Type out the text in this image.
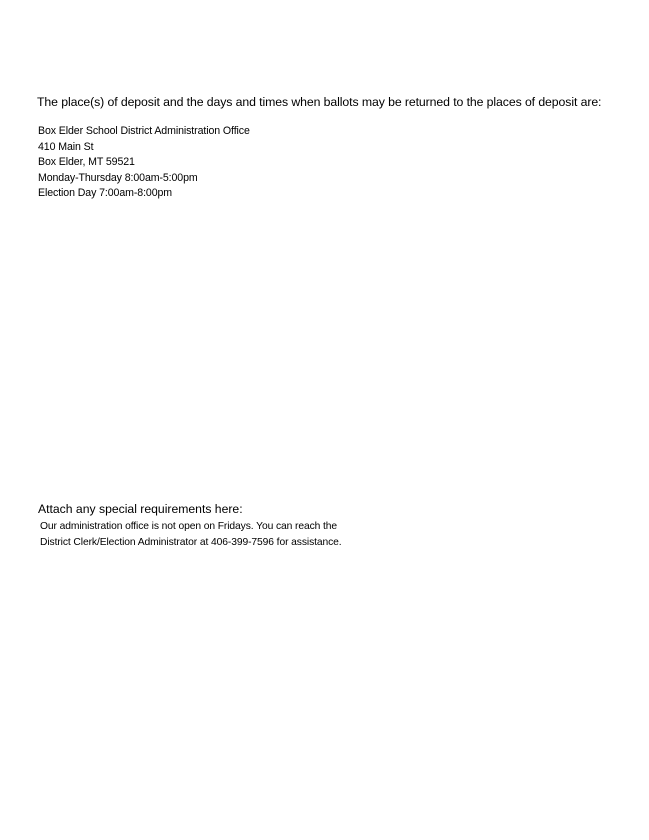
The place(s) of deposit and the days and times when ballots may be returned to the places of deposit are:
Box Elder School District Administration Office
410 Main St
Box Elder, MT 59521
Monday-Thursday 8:00am-5:00pm
Election Day 7:00am-8:00pm
Attach any special requirements here:
Our administration office is not open on Fridays. You can reach the
District Clerk/Election Administrator at 406-399-7596 for assistance.
